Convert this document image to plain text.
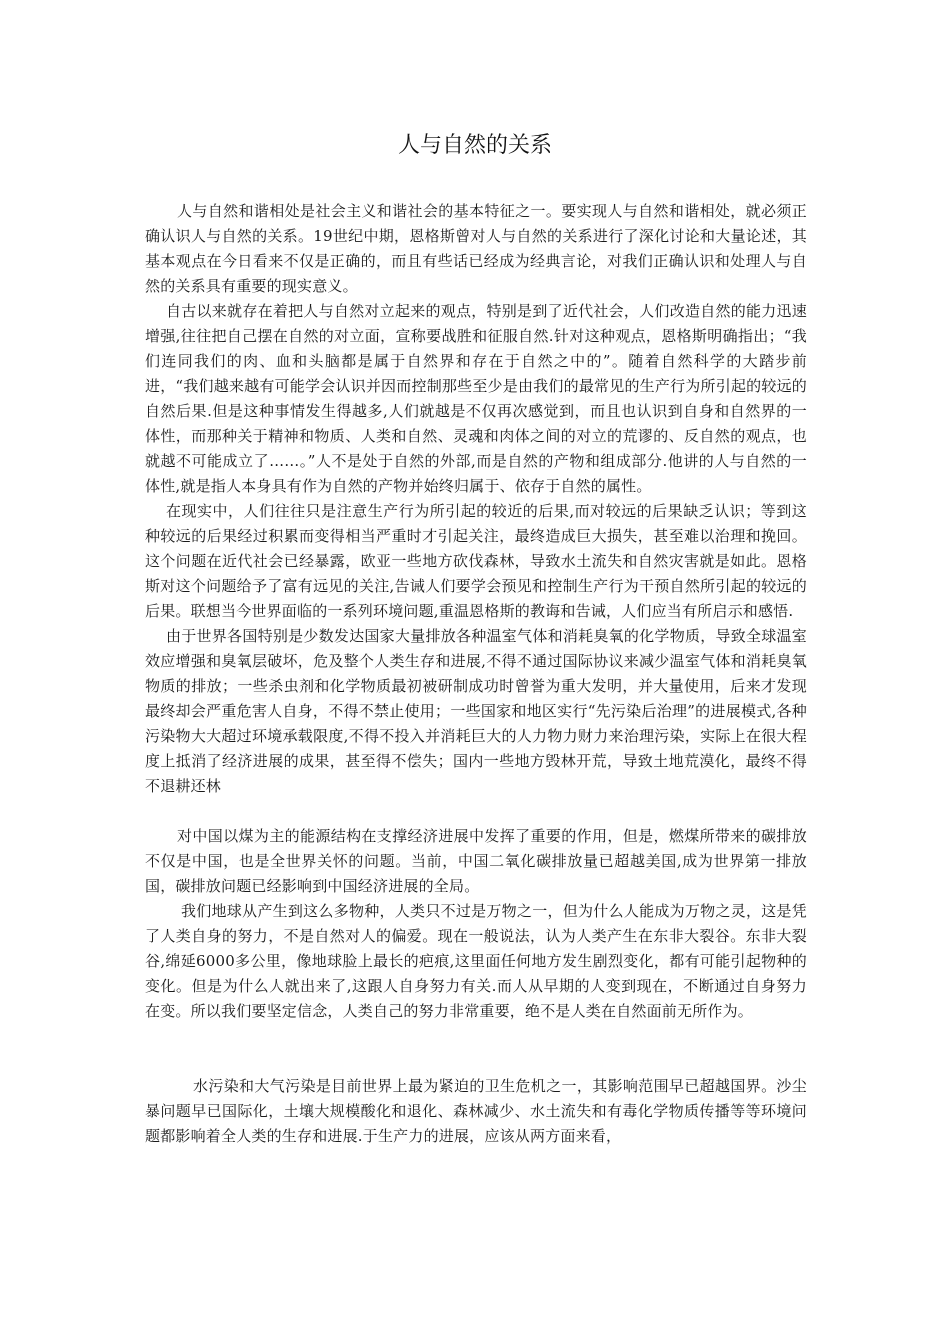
人与自然的关系

人与自然和谐相处是社会主义和谐社会的基本特征之一。要实现人与自然和谐相处，就必须正确认识人与自然的关系。19世纪中期，恩格斯曾对人与自然的关系进行了深化讨论和大量论述，其基本观点在今日看来不仅是正确的，而且有些话已经成为经典言论，对我们正确认识和处理人与自然的关系具有重要的现实意义。

自古以来就存在着把人与自然对立起来的观点，特别是到了近代社会，人们改造自然的能力迅速增强,往往把自己摆在自然的对立面，宣称要战胜和征服自然.针对这种观点，恩格斯明确指出；“我们连同我们的肉、血和头脑都是属于自然界和存在于自然之中的”。随着自然科学的大踏步前进，“我们越来越有可能学会认识并因而控制那些至少是由我们的最常见的生产行为所引起的较远的自然后果.但是这种事情发生得越多,人们就越是不仅再次感觉到，而且也认识到自身和自然界的一体性，而那种关于精神和物质、人类和自然、灵魂和肉体之间的对立的荒谬的、反自然的观点，也就越不可能成立了……。”人不是处于自然的外部,而是自然的产物和组成部分.他讲的人与自然的一体性,就是指人本身具有作为自然的产物并始终归属于、依存于自然的属性。

在现实中，人们往往只是注意生产行为所引起的较近的后果,而对较远的后果缺乏认识；等到这种较远的后果经过积累而变得相当严重时才引起关注，最终造成巨大损失，甚至难以治理和挽回。这个问题在近代社会已经暴露，欧亚一些地方砍伐森林，导致水土流失和自然灾害就是如此。恩格斯对这个问题给予了富有远见的关注,告诫人们要学会预见和控制生产行为干预自然所引起的较远的后果。联想当今世界面临的一系列环境问题,重温恩格斯的教诲和告诫，人们应当有所启示和感悟.

由于世界各国特别是少数发达国家大量排放各种温室气体和消耗臭氧的化学物质，导致全球温室效应增强和臭氧层破坏，危及整个人类生存和进展,不得不通过国际协议来减少温室气体和消耗臭氧物质的排放；一些杀虫剂和化学物质最初被研制成功时曾誉为重大发明，并大量使用，后来才发现最终却会严重危害人自身，不得不禁止使用；一些国家和地区实行“先污染后治理”的进展模式,各种污染物大大超过环境承载限度,不得不投入并消耗巨大的人力物力财力来治理污染，实际上在很大程度上抵消了经济进展的成果，甚至得不偿失；国内一些地方毁林开荒，导致土地荒漠化，最终不得不退耕还林

对中国以煤为主的能源结构在支撑经济进展中发挥了重要的作用，但是，燃煤所带来的碳排放不仅是中国，也是全世界关怀的问题。当前，中国二氧化碳排放量已超越美国,成为世界第一排放国，碳排放问题已经影响到中国经济进展的全局。

我们地球从产生到这么多物种，人类只不过是万物之一，但为什么人能成为万物之灵，这是凭了人类自身的努力，不是自然对人的偏爱。现在一般说法，认为人类产生在东非大裂谷。东非大裂谷,绵延6000多公里，像地球脸上最长的疤痕,这里面任何地方发生剧烈变化，都有可能引起物种的变化。但是为什么人就出来了,这跟人自身努力有关.而人从早期的人变到现在，不断通过自身努力在变。所以我们要坚定信念，人类自己的努力非常重要，绝不是人类在自然面前无所作为。

水污染和大气污染是目前世界上最为紧迫的卫生危机之一，其影响范围早已超越国界。沙尘暴问题早已国际化，土壤大规模酸化和退化、森林减少、水土流失和有毒化学物质传播等等环境问题都影响着全人类的生存和进展.于生产力的进展，应该从两方面来看，
